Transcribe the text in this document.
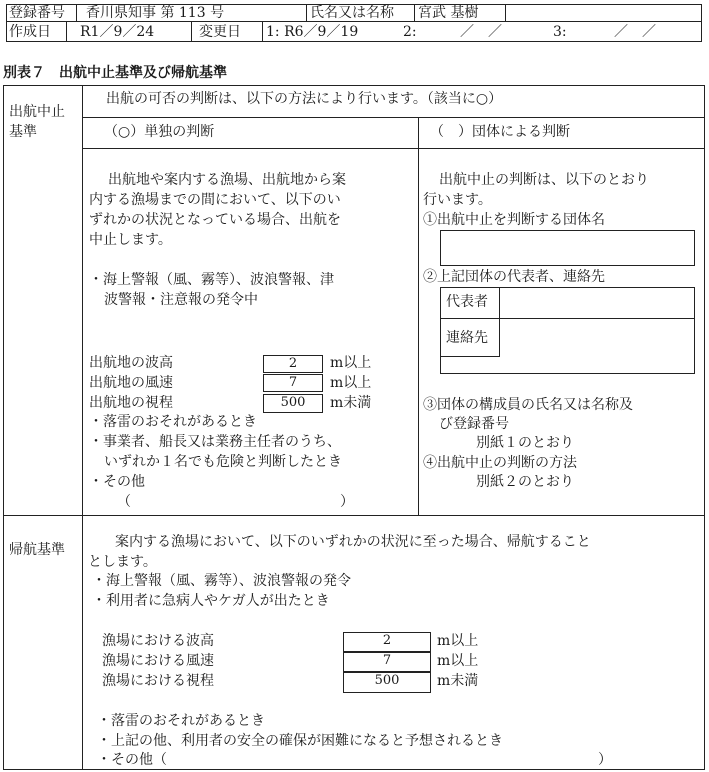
登録番号 香川県知事 第 113 号	氏名又は名称 宮武 基樹
作成日 R1／9／24	変更日 1: R6／9／19	2:	／　／	3:	／　／
別表７　出航中止基準及び帰航基準
出航中止
基準
帰航基準
出航の可否の判断は、以下の方法により行います。（該当に○）
（○）単独の判断	（　）団体による判断
出航地や案内する漁場、出航地から案
内する漁場までの間において、以下のい
ずれかの状況となっている場合、出航を
中止します。
・海上警報（風、霧等）、波浪警報、津
波警報・注意報の発令中
出航地の波高	2	m以上
出航地の風速	7	m以上
出航地の視程	500	m未満
・落雷のおそれがあるとき
・事業者、船長又は業務主任者のうち、
いずれか１名でも危険と判断したとき
・その他
（	）
出航中止の判断は、以下のとおり
行います。
①出航中止を判断する団体名
②上記団体の代表者、連絡先
代表者
連絡先
③団体の構成員の氏名又は名称及
び登録番号
別紙１のとおり
④出航中止の判断の方法
別紙２のとおり
案内する漁場において、以下のいずれかの状況に至った場合、帰航すること
とします。
・海上警報（風、霧等）、波浪警報の発令
・利用者に急病人やケガ人が出たとき
漁場における波高	2	m以上
漁場における風速	7	m以上
漁場における視程	500	m未満
・落雷のおそれがあるとき
・上記の他、利用者の安全の確保が困難になると予想されるとき
・その他（	）
